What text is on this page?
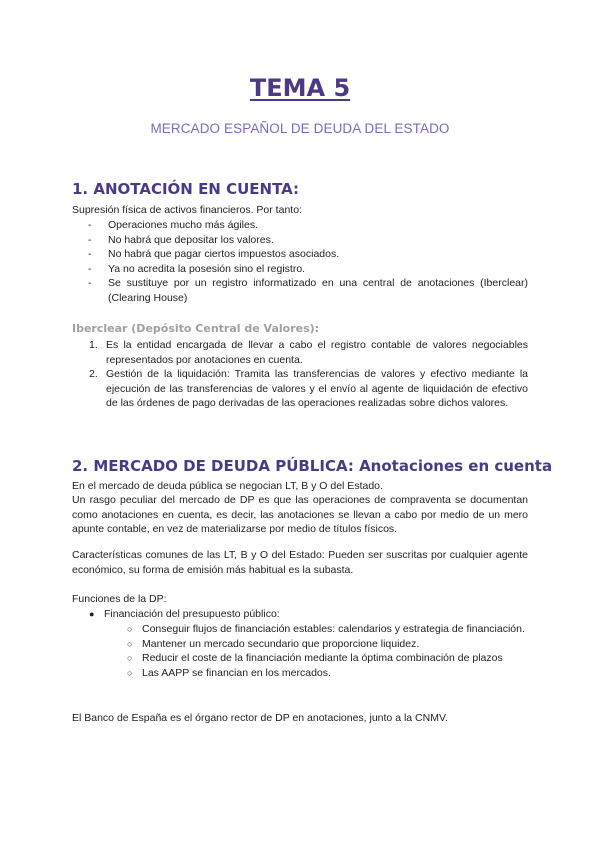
TEMA 5

MERCADO ESPAÑOL DE DEUDA DEL ESTADO

1. ANOTACIÓN EN CUENTA:

Supresión física de activos financieros. Por tanto:

- Operaciones mucho más ágiles.
- No habrá que depositar los valores.
- No habrá que pagar ciertos impuestos asociados.
- Ya no acredita la posesión sino el registro.
- Se sustituye por un registro informatizado en una central de anotaciones (Iberclear) (Clearing House)
Iberclear (Depósito Central de Valores):
1. Es la entidad encargada de llevar a cabo el registro contable de valores negociables representados por anotaciones en cuenta.
2. Gestión de la liquidación: Tramita las transferencias de valores y efectivo mediante la ejecución de las transferencias de valores y el envío al agente de liquidación de efectivo de las órdenes de pago derivadas de las operaciones realizadas sobre dichos valores.
2. MERCADO DE DEUDA PÚBLICA: Anotaciones en cuenta

En el mercado de deuda pública se negocian LT, B y O del Estado.

Un rasgo peculiar del mercado de DP es que las operaciones de compraventa se documentan como anotaciones en cuenta, es decir, las anotaciones se llevan a cabo por medio de un mero apunte contable, en vez de materializarse por medio de títulos físicos.

Características comunes de las LT, B y O del Estado: Pueden ser suscritas por cualquier agente económico, su forma de emisión más habitual es la subasta.

Funciones de la DP:

● Financiación del presupuesto público:
○ Conseguir flujos de financiación estables: calendarios y estrategia de financiación.
○ Mantener un mercado secundario que proporcione liquidez.
○ Reducir el coste de la financiación mediante la óptima combinación de plazos
○ Las AAPP se financian en los mercados.

El Banco de España es el órgano rector de DP en anotaciones, junto a la CNMV.
